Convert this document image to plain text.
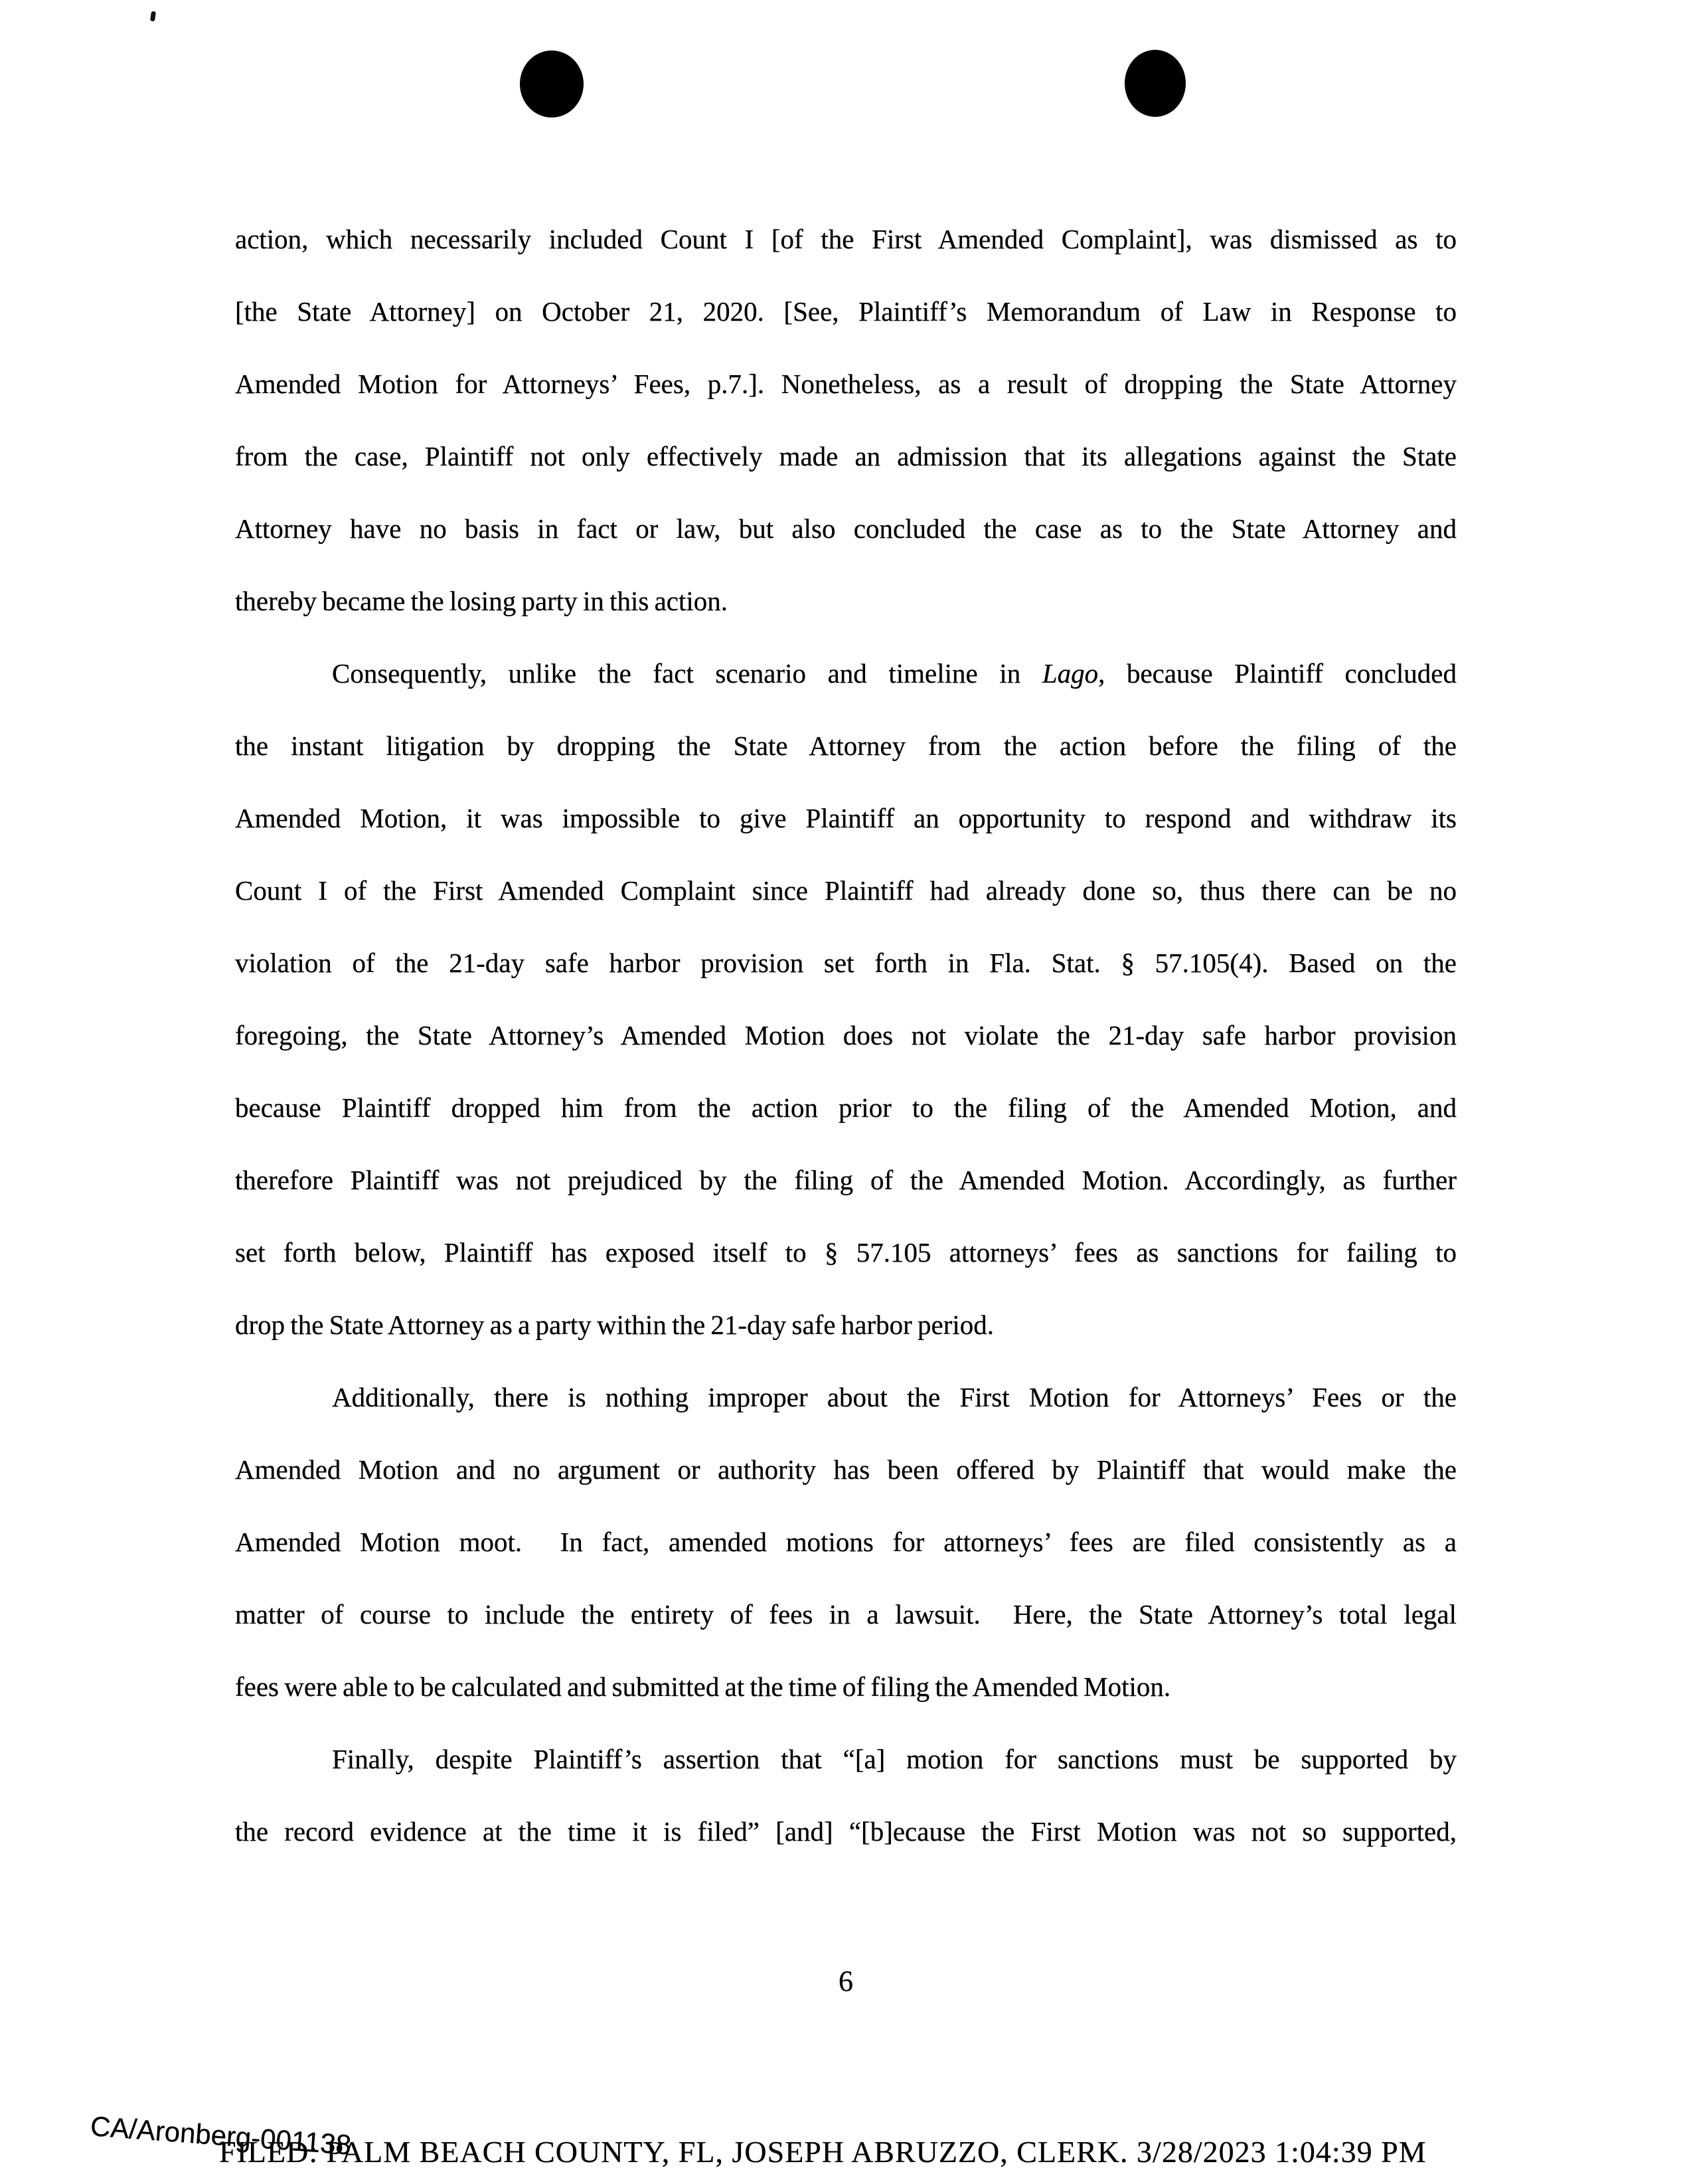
action, which necessarily included Count I [of the First Amended Complaint], was dismissed as to
[the State Attorney] on October 21, 2020. [See, Plaintiff’s Memorandum of Law in Response to
Amended Motion for Attorneys’ Fees, p.7.]. Nonetheless, as a result of dropping the State Attorney
from the case, Plaintiff not only effectively made an admission that its allegations against the State
Attorney have no basis in fact or law, but also concluded the case as to the State Attorney and
thereby became the losing party in this action.
Consequently, unlike the fact scenario and timeline in Lago, because Plaintiff concluded
the instant litigation by dropping the State Attorney from the action before the filing of the
Amended Motion, it was impossible to give Plaintiff an opportunity to respond and withdraw its
Count I of the First Amended Complaint since Plaintiff had already done so, thus there can be no
violation of the 21-day safe harbor provision set forth in Fla. Stat. § 57.105(4). Based on the
foregoing, the State Attorney’s Amended Motion does not violate the 21-day safe harbor provision
because Plaintiff dropped him from the action prior to the filing of the Amended Motion, and
therefore Plaintiff was not prejudiced by the filing of the Amended Motion. Accordingly, as further
set forth below, Plaintiff has exposed itself to § 57.105 attorneys’ fees as sanctions for failing to
drop the State Attorney as a party within the 21-day safe harbor period.
Additionally, there is nothing improper about the First Motion for Attorneys’ Fees or the
Amended Motion and no argument or authority has been offered by Plaintiff that would make the
Amended Motion moot.  In fact, amended motions for attorneys’ fees are filed consistently as a
matter of course to include the entirety of fees in a lawsuit.  Here, the State Attorney’s total legal
fees were able to be calculated and submitted at the time of filing the Amended Motion.
Finally, despite Plaintiff’s assertion that “[a] motion for sanctions must be supported by
the record evidence at the time it is filed” [and] “[b]ecause the First Motion was not so supported,
6
CA/Aronberg-001138
FILED: PALM BEACH COUNTY, FL, JOSEPH ABRUZZO, CLERK. 3/28/2023 1:04:39 PM
